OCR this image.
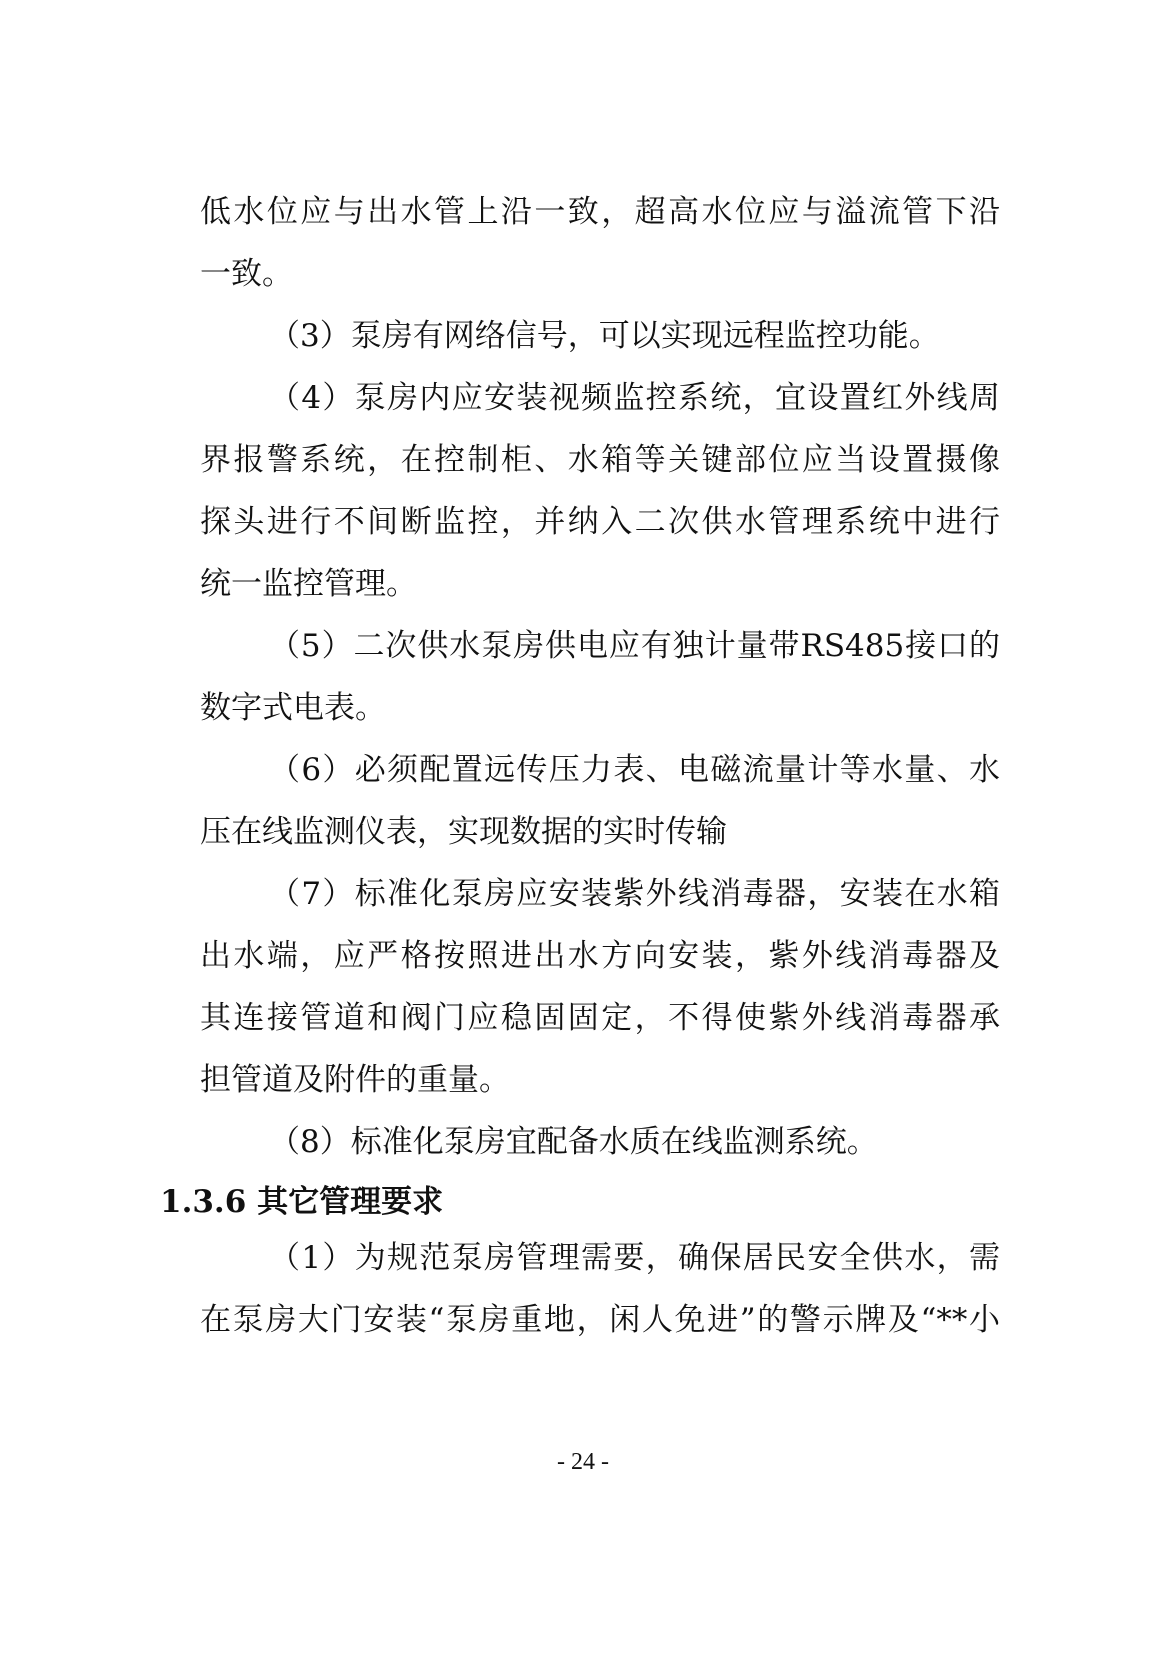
低水位应与出水管上沿一致，超高水位应与溢流管下沿
一致。
（3）泵房有网络信号，可以实现远程监控功能。
（4）泵房内应安装视频监控系统，宜设置红外线周
界报警系统，在控制柜、水箱等关键部位应当设置摄像
探头进行不间断监控，并纳入二次供水管理系统中进行
统一监控管理。
（5）二次供水泵房供电应有独计量带RS485接口的
数字式电表。
（6）必须配置远传压力表、电磁流量计等水量、水
压在线监测仪表，实现数据的实时传输
（7）标准化泵房应安装紫外线消毒器，安装在水箱
出水端，应严格按照进出水方向安装，紫外线消毒器及
其连接管道和阀门应稳固固定，不得使紫外线消毒器承
担管道及附件的重量。
（8）标准化泵房宜配备水质在线监测系统。
1.3.6 其它管理要求
（1）为规范泵房管理需要，确保居民安全供水，需
在泵房大门安装“泵房重地，闲人免进”的警示牌及“**小
- 24 -
